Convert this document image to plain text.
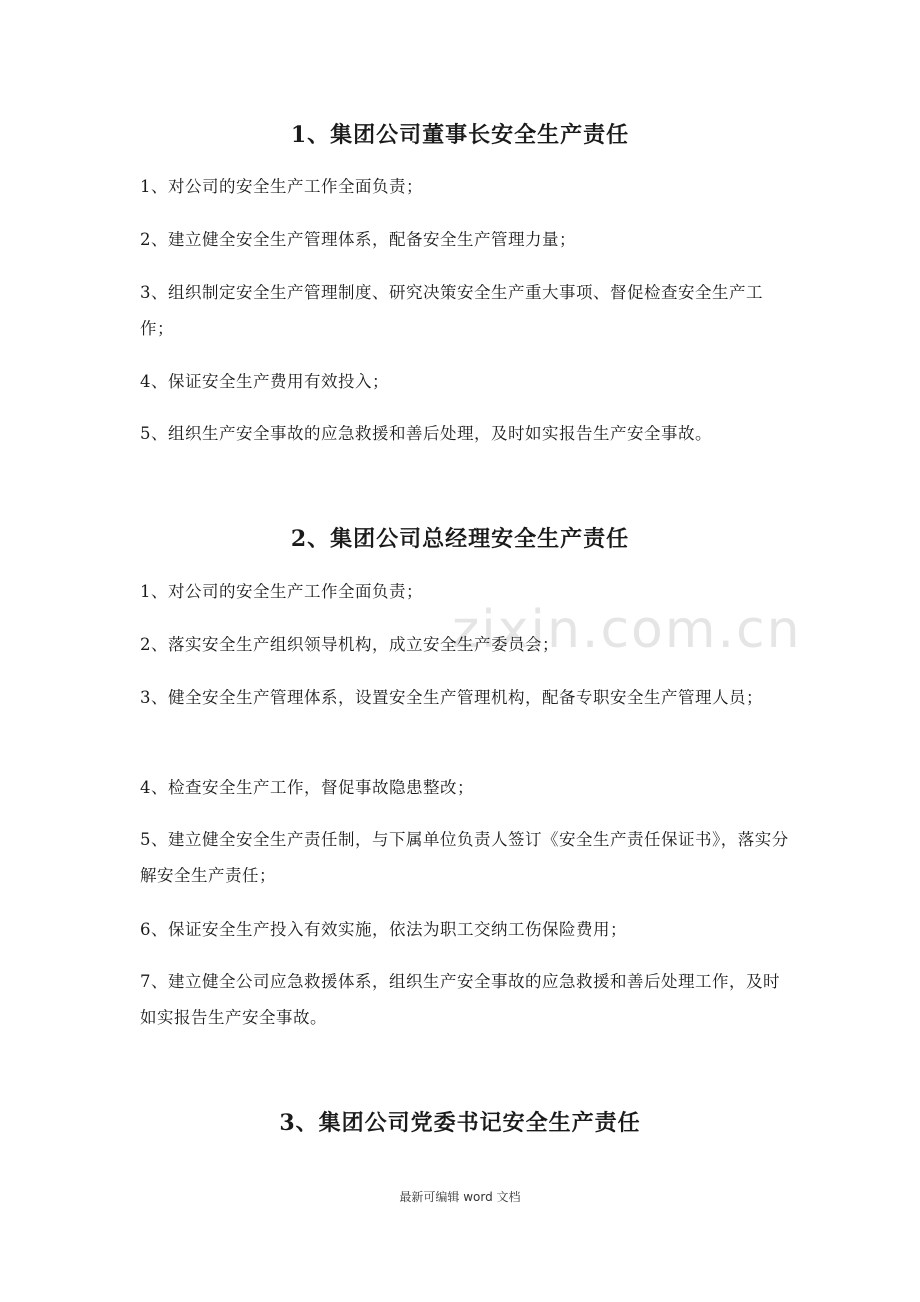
zixin.com.cn
1、集团公司董事长安全生产责任

1、对公司的安全生产工作全面负责；

2、建立健全安全生产管理体系，配备安全生产管理力量；

3、组织制定安全生产管理制度、研究决策安全生产重大事项、督促检查安全生产工作；

4、保证安全生产费用有效投入；

5、组织生产安全事故的应急救援和善后处理，及时如实报告生产安全事故。

2、集团公司总经理安全生产责任

1、对公司的安全生产工作全面负责；

2、落实安全生产组织领导机构，成立安全生产委员会；

3、健全安全生产管理体系，设置安全生产管理机构，配备专职安全生产管理人员；

4、检查安全生产工作，督促事故隐患整改；

5、建立健全安全生产责任制，与下属单位负责人签订《安全生产责任保证书》，落实分解安全生产责任；

6、保证安全生产投入有效实施，依法为职工交纳工伤保险费用；

7、建立健全公司应急救援体系，组织生产安全事故的应急救援和善后处理工作，及时如实报告生产安全事故。

3、集团公司党委书记安全生产责任
最新可编辑 word 文档
